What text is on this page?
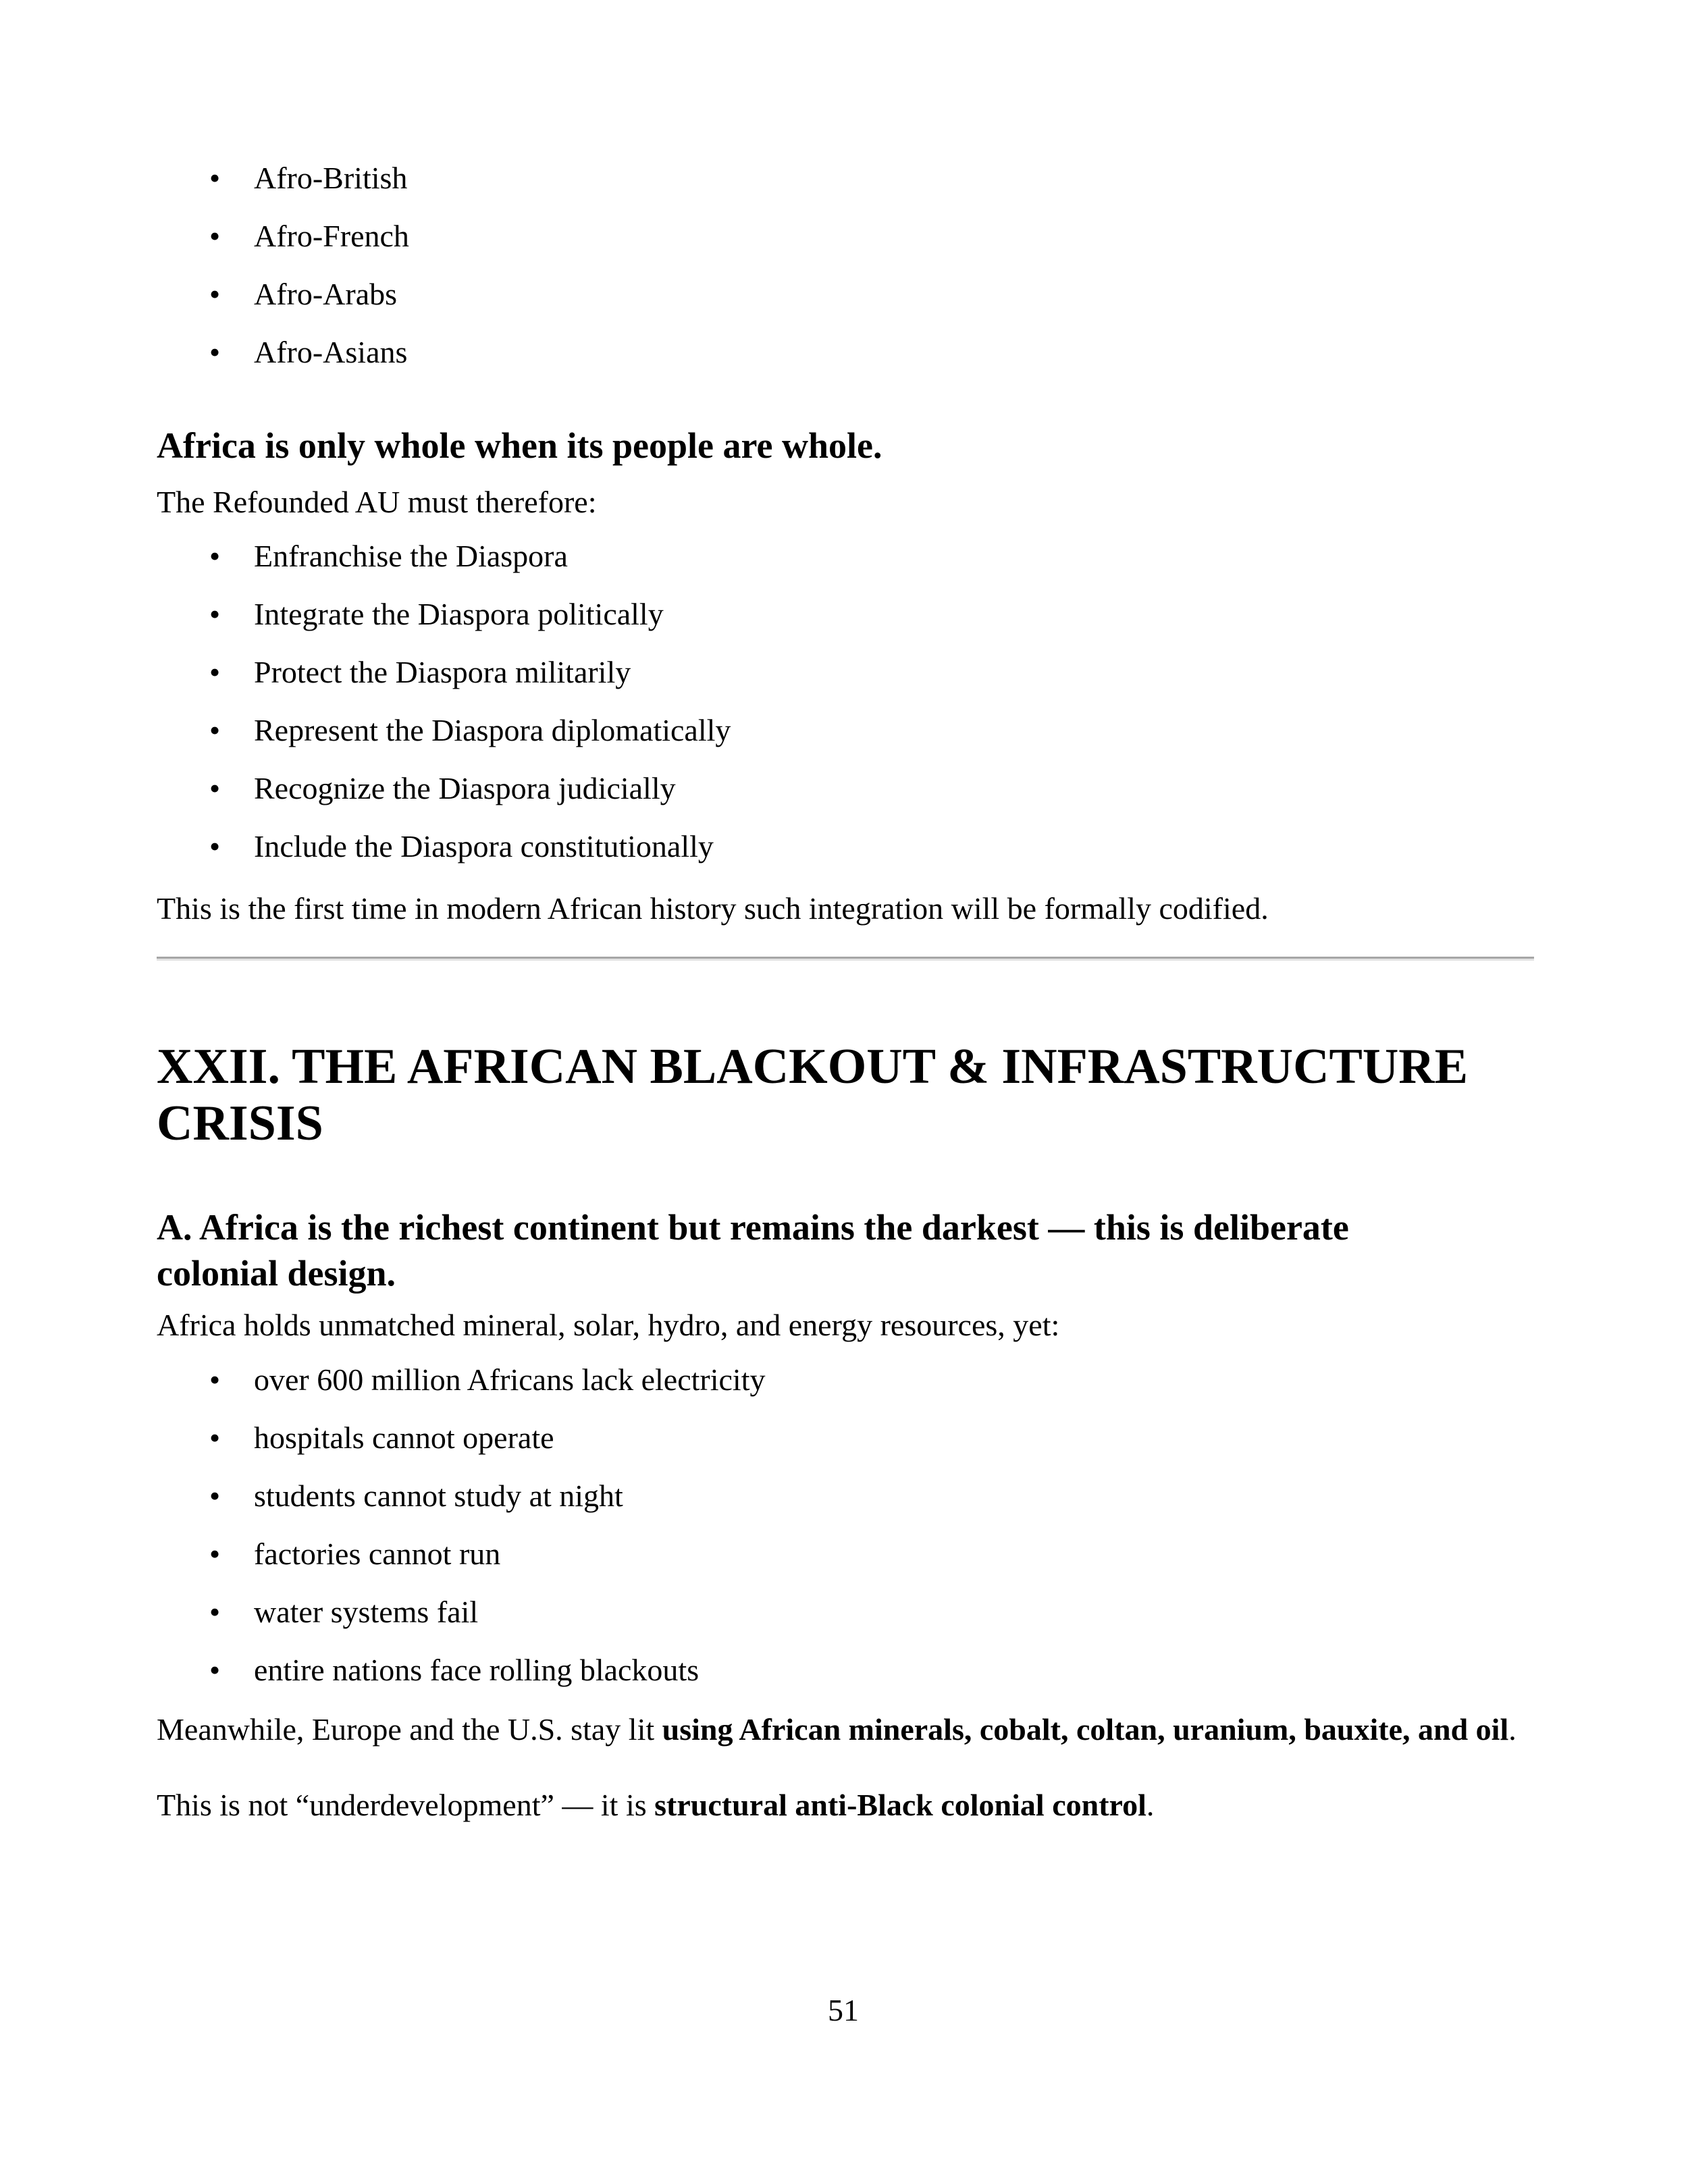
• Afro-British
• Afro-French
• Afro-Arabs
• Afro-Asians
Africa is only whole when its people are whole.

The Refounded AU must therefore:

• Enfranchise the Diaspora
• Integrate the Diaspora politically
• Protect the Diaspora militarily
• Represent the Diaspora diplomatically
• Recognize the Diaspora judicially
• Include the Diaspora constitutionally

This is the first time in modern African history such integration will be formally codified.

XXII. THE AFRICAN BLACKOUT & INFRASTRUCTURE
CRISIS
A. Africa is the richest continent but remains the darkest — this is deliberate
colonial design.

Africa holds unmatched mineral, solar, hydro, and energy resources, yet:

• over 600 million Africans lack electricity
• hospitals cannot operate
• students cannot study at night
• factories cannot run
• water systems fail
• entire nations face rolling blackouts

Meanwhile, Europe and the U.S. stay lit using African minerals, cobalt, coltan, uranium, bauxite, and oil.

This is not “underdevelopment” — it is structural anti-Black colonial control.

51
